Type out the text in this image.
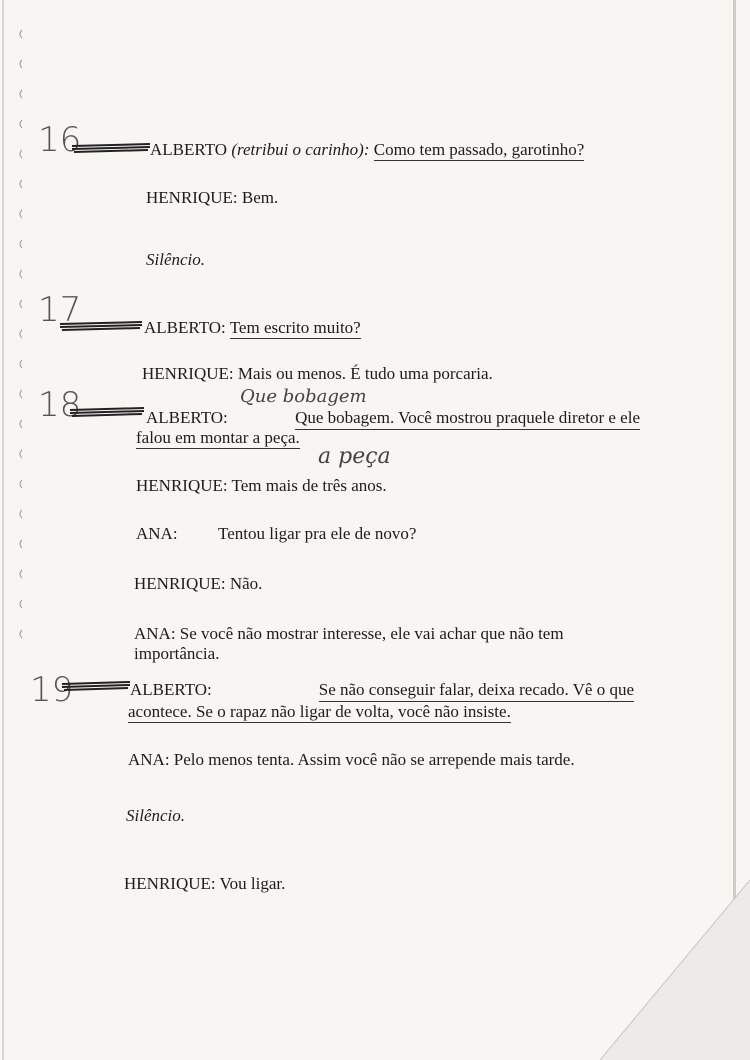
16
17
18
19
ALBERTO (retribui o carinho): Como tem passado, garotinho?
HENRIQUE: Bem.
Silêncio.
ALBERTO: Tem escrito muito?
HENRIQUE: Mais ou menos. É tudo uma porcaria.
Que bobagem
ALBERTO:	Que bobagem. Você mostrou praquele diretor e ele
falou em montar a peça.
a peça
HENRIQUE: Tem mais de três anos.
ANA: Tentou ligar pra ele de novo?
HENRIQUE: Não.
ANA: Se você não mostrar interesse, ele vai achar que não tem
importância.
ALBERTO:	Se não conseguir falar, deixa recado. Vê o que
acontece. Se o rapaz não ligar de volta, você não insiste.
ANA: Pelo menos tenta. Assim você não se arrepende mais tarde.
Silêncio.
HENRIQUE: Vou ligar.
